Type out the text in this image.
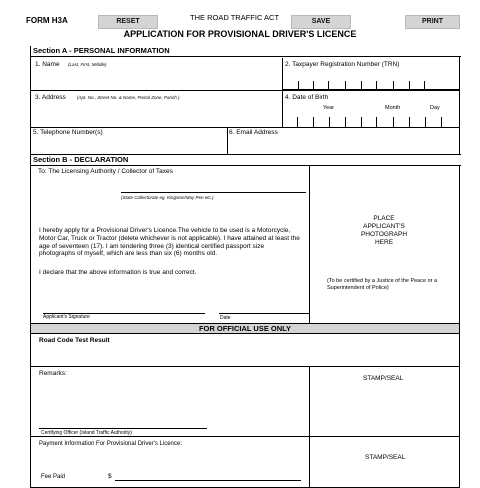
FORM H3A	RESET	THE ROAD TRAFFIC ACT	SAVE	PRINT
APPLICATION FOR PROVISIONAL DRIVER'S LICENCE
Section A - PERSONAL INFORMATION
1. Name (Last, First, Middle)	2. Taxpayer Registration Number (TRN)
3. Address	(Apt. No., Street No. & Name, Postal Zone, Parish )	4. Date of Birth
Year	Month	Day
5. Telephone Number(s)	6. Email Address
Section B - DECLARATION
To: The Licensing Authority / Collector of Taxes
(State Collectorate eg. Kingston/May Pen etc.)
I hereby apply for a Provisional Driver's Licence.The vehicle to be used is a Motorcycle, Motor Car, Truck or Tractor (delete whichever is not applicable). I have attained at least the age of seventeen (17). I am tendering three (3) identical certified passport size photographs of myself, which are less than six (6) months old.
I declare that the above information is true and correct.
Applicant's Signature	Date
PLACE
APPLICANT'S
PHOTOGRAPH
HERE
(To be certified by a Justice of the Peace or a Superintendent of Police)
FOR OFFICIAL USE ONLY
Road Code Test Result
Remarks:
STAMP/SEAL
Certifying Officer (Island Traffic Authority)
Payment Information For Provisional Driver's Licence:
STAMP/SEAL
Fee Paid	$
